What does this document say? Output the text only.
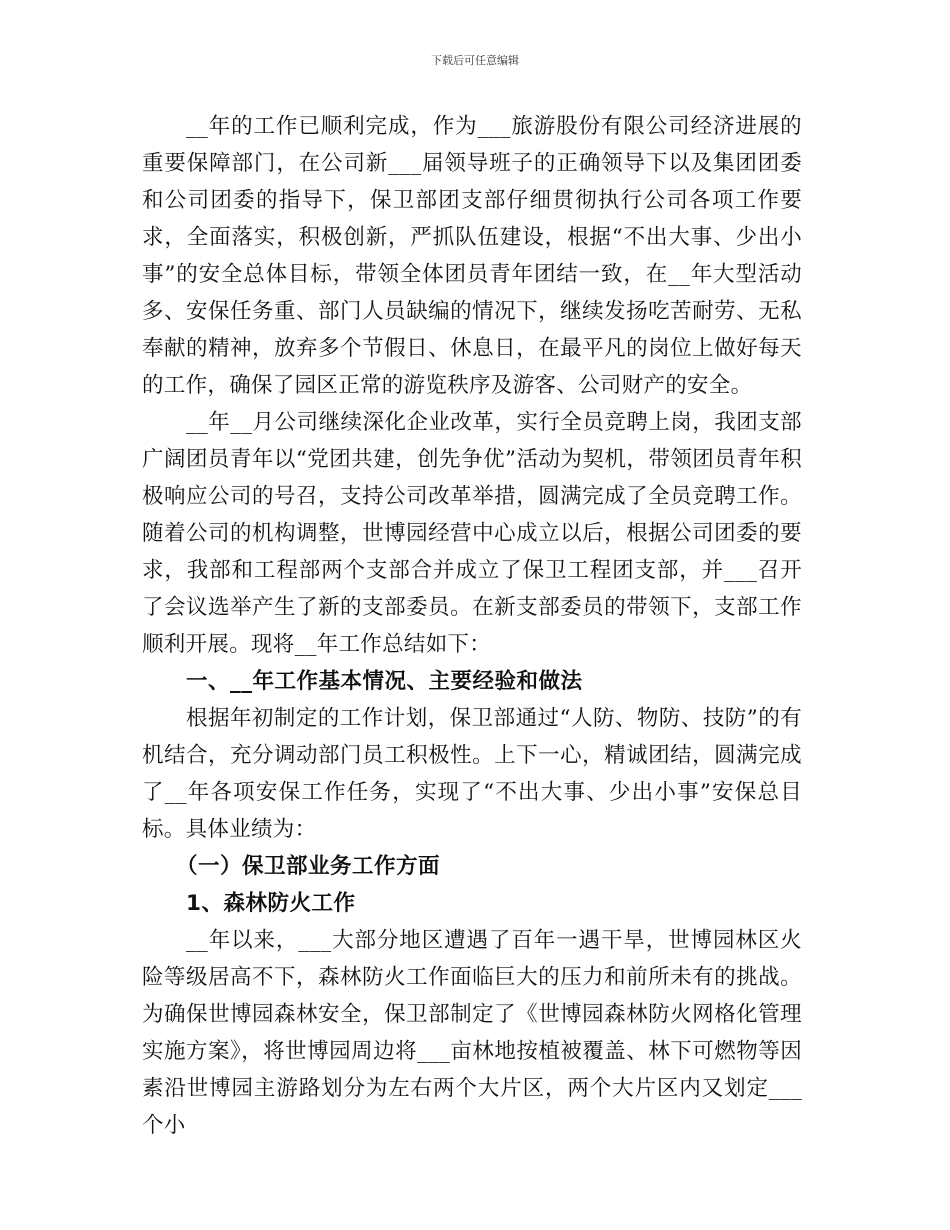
下载后可任意编辑

__年的工作已顺利完成，作为___旅游股份有限公司经济进展的重要保障部门，在公司新___届领导班子的正确领导下以及集团团委和公司团委的指导下，保卫部团支部仔细贯彻执行公司各项工作要求，全面落实，积极创新，严抓队伍建设，根据“不出大事、少出小事”的安全总体目标，带领全体团员青年团结一致，在__年大型活动多、安保任务重、部门人员缺编的情况下，继续发扬吃苦耐劳、无私奉献的精神，放弃多个节假日、休息日，在最平凡的岗位上做好每天的工作，确保了园区正常的游览秩序及游客、公司财产的安全。

__年__月公司继续深化企业改革，实行全员竞聘上岗，我团支部广阔团员青年以“党团共建，创先争优”活动为契机，带领团员青年积极响应公司的号召，支持公司改革举措，圆满完成了全员竞聘工作。随着公司的机构调整，世博园经营中心成立以后，根据公司团委的要求，我部和工程部两个支部合并成立了保卫工程团支部，并___召开了会议选举产生了新的支部委员。在新支部委员的带领下，支部工作顺利开展。现将__年工作总结如下：

一、__年工作基本情况、主要经验和做法

根据年初制定的工作计划，保卫部通过“人防、物防、技防”的有机结合，充分调动部门员工积极性。上下一心，精诚团结，圆满完成了__年各项安保工作任务，实现了“不出大事、少出小事”安保总目标。具体业绩为：

（一）保卫部业务工作方面

1、森林防火工作

__年以来，___大部分地区遭遇了百年一遇干旱，世博园林区火险等级居高不下，森林防火工作面临巨大的压力和前所未有的挑战。为确保世博园森林安全，保卫部制定了《世博园森林防火网格化管理实施方案》，将世博园周边将___亩林地按植被覆盖、林下可燃物等因素沿世博园主游路划分为左右两个大片区，两个大片区内又划定___个小
